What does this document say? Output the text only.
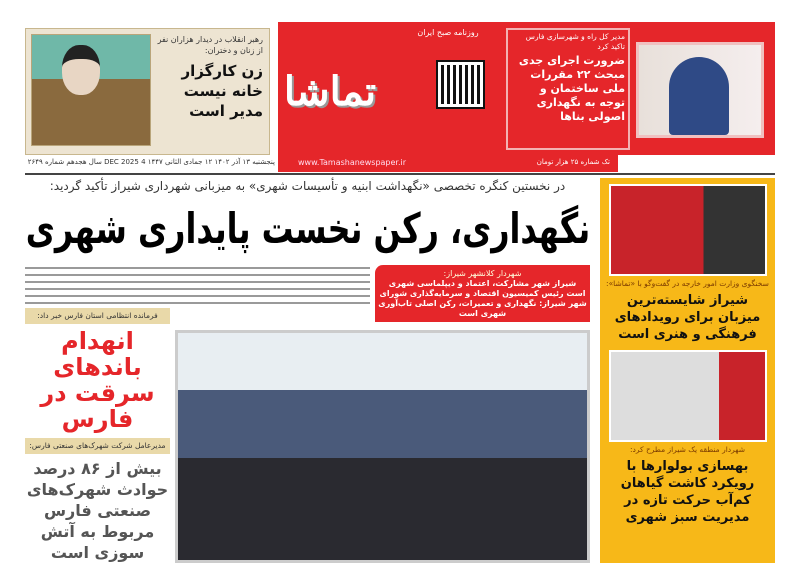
رهبر انقلاب در دیدار هزاران نفر از زنان و دختران:
زن کارگزار خانه نیست مدیر است
روزنامه صبح ایران
تماشا
مدیر کل راه و شهرسازی فارس تاکید کرد
ضرورت اجرای جدی مبحث ۲۲ مقررات ملی ساختمان و توجه به نگهداری اصولی بناها
تک شماره ۲۵ هزار تومان
www.Tamashanewspaper.ir
پنجشنبه ۱۳ آذر ۱۴۰۲ ۱۲ جمادی الثانی ۱۴۴۷ 4 DEC 2025 سال هجدهم شماره ۲۶۴۹
در نخستین کنگره تخصصی «نگهداشت ابنیه و تأسیسات شهری» به میزبانی شهرداری شیراز تأکید گردید:
نگهداری، رکن نخست پایداری شهری
شهردار کلانشهر شیراز:
شیراز شهر مشارکت، اعتماد و دیپلماسی شهری است رئیس کمیسیون اقتصاد و سرمایه‌گذاری شورای شهر شیراز: نگهداری و تعمیرات، رکن اصلی تاب‌آوری شهری است
فرمانده انتظامی استان فارس خبر داد:
انهدام باندهای سرقت در فارس
مدیرعامل شرکت شهرک‌های صنعتی فارس:
بیش از ۸۶ درصد حوادث شهرک‌های صنعتی فارس مربوط به آتش سوزی است
سخنگوی وزارت امور خارجه در گفت‌وگو با «تماشا»:
شیراز شایسته‌ترین میزبان برای رویدادهای فرهنگی و هنری است
شهردار منطقه یک شیراز مطرح کرد:
بهسازی بولوارها با رویکرد کاشت گیاهان کم‌آب حرکت تازه در مدیریت سبز شهری
